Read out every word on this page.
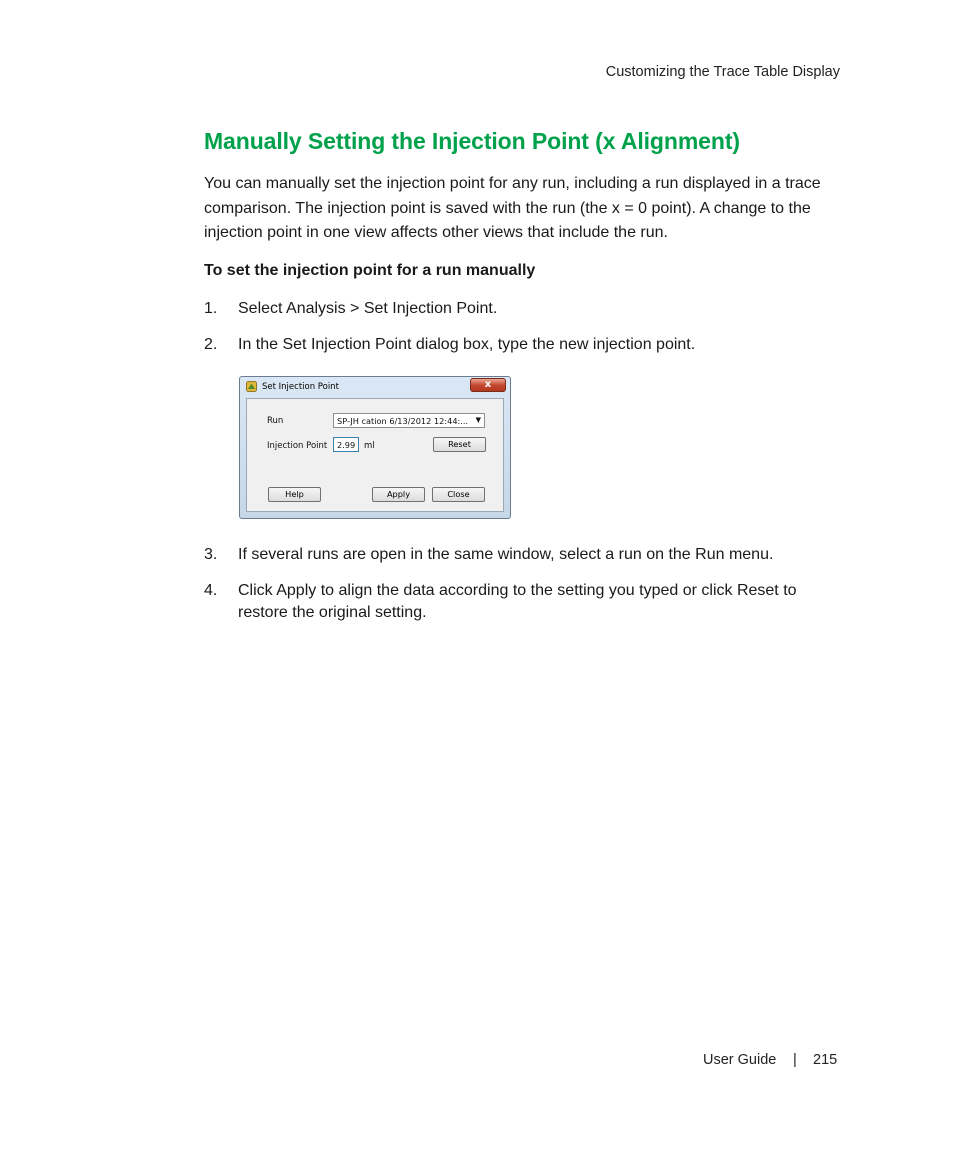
Customizing the Trace Table Display
Manually Setting the Injection Point (x Alignment)

You can manually set the injection point for any run, including a run displayed in a trace comparison. The injection point is saved with the run (the x = 0 point). A change to the injection point in one view affects other views that include the run.

To set the injection point for a run manually

1. Select Analysis > Set Injection Point.
2. In the Set Injection Point dialog box, type the new injection point.
Set Injection Point	x
Run	SP-JH cation 6/13/2012 12:44:... ▼
Injection Point	2.99	ml	Reset
Help	Apply	Close
3. If several runs are open in the same window, select a run on the Run menu.
4. Click Apply to align the data according to the setting you typed or click Reset to restore the original setting.
User Guide | 215
